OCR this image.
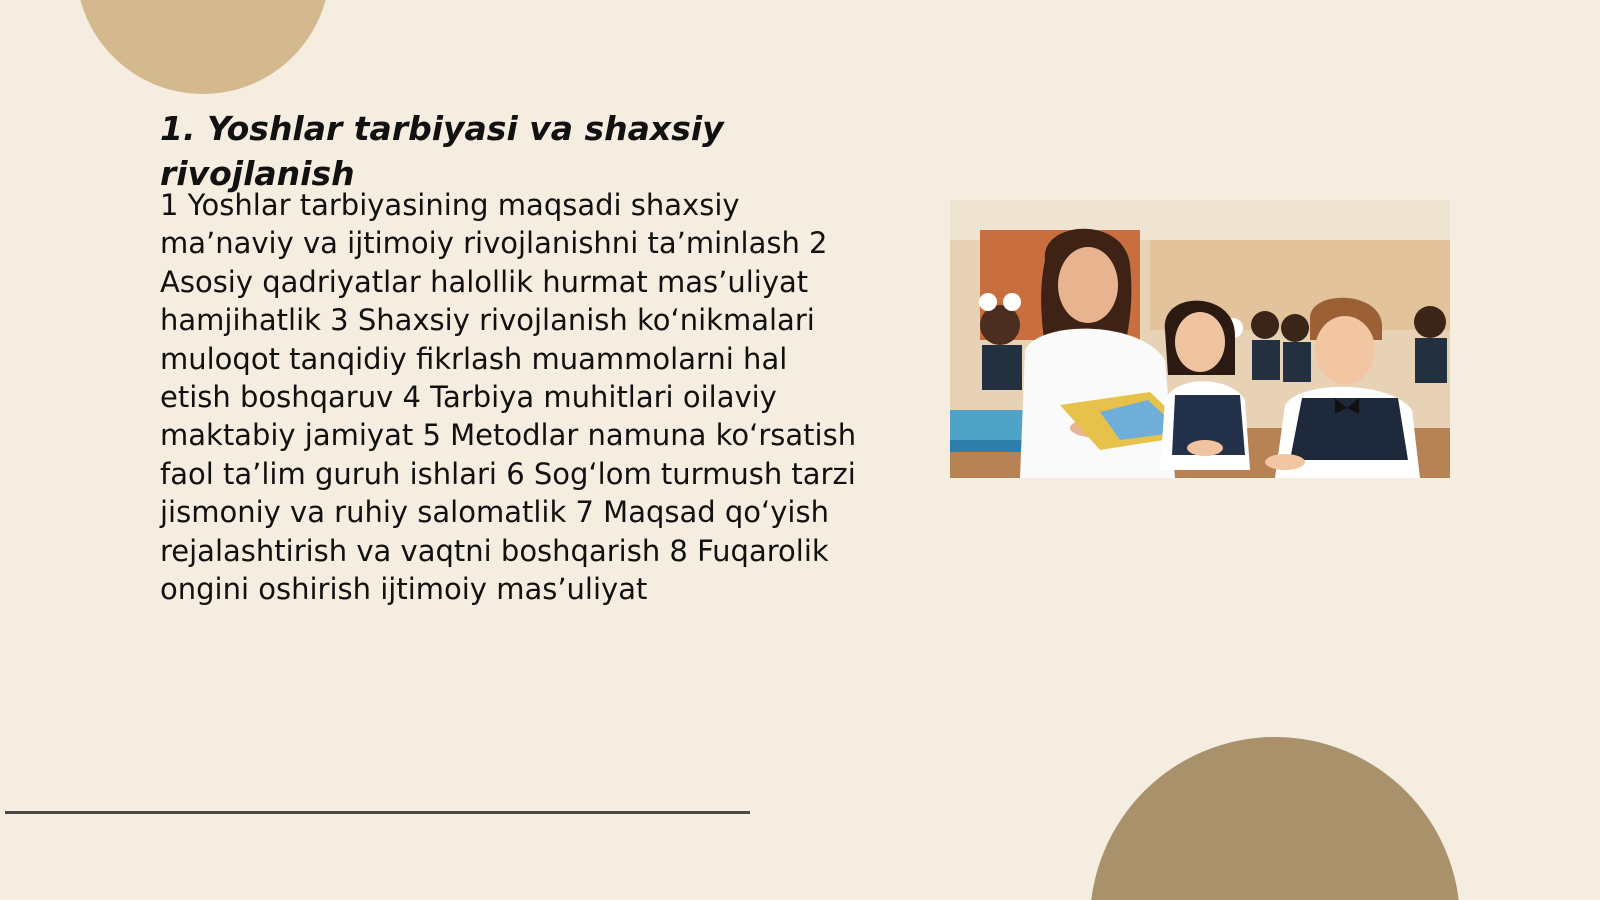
1. Yoshlar tarbiyasi va shaxsiy rivojlanish

1 Yoshlar tarbiyasining maqsadi shaxsiy ma’naviy va ijtimoiy rivojlanishni ta’minlash 2 Asosiy qadriyatlar halollik hurmat mas’uliyat hamjihatlik 3 Shaxsiy rivojlanish ko‘nikmalari muloqot tanqidiy fikrlash muammolarni hal etish boshqaruv 4 Tarbiya muhitlari oilaviy maktabiy jamiyat 5 Metodlar namuna ko‘rsatish faol ta’lim guruh ishlari 6 Sog‘lom turmush tarzi jismoniy va ruhiy salomatlik 7 Maqsad qo‘yish rejalashtirish va vaqtni boshqarish 8 Fuqarolik ongini oshirish ijtimoiy mas’uliyat
